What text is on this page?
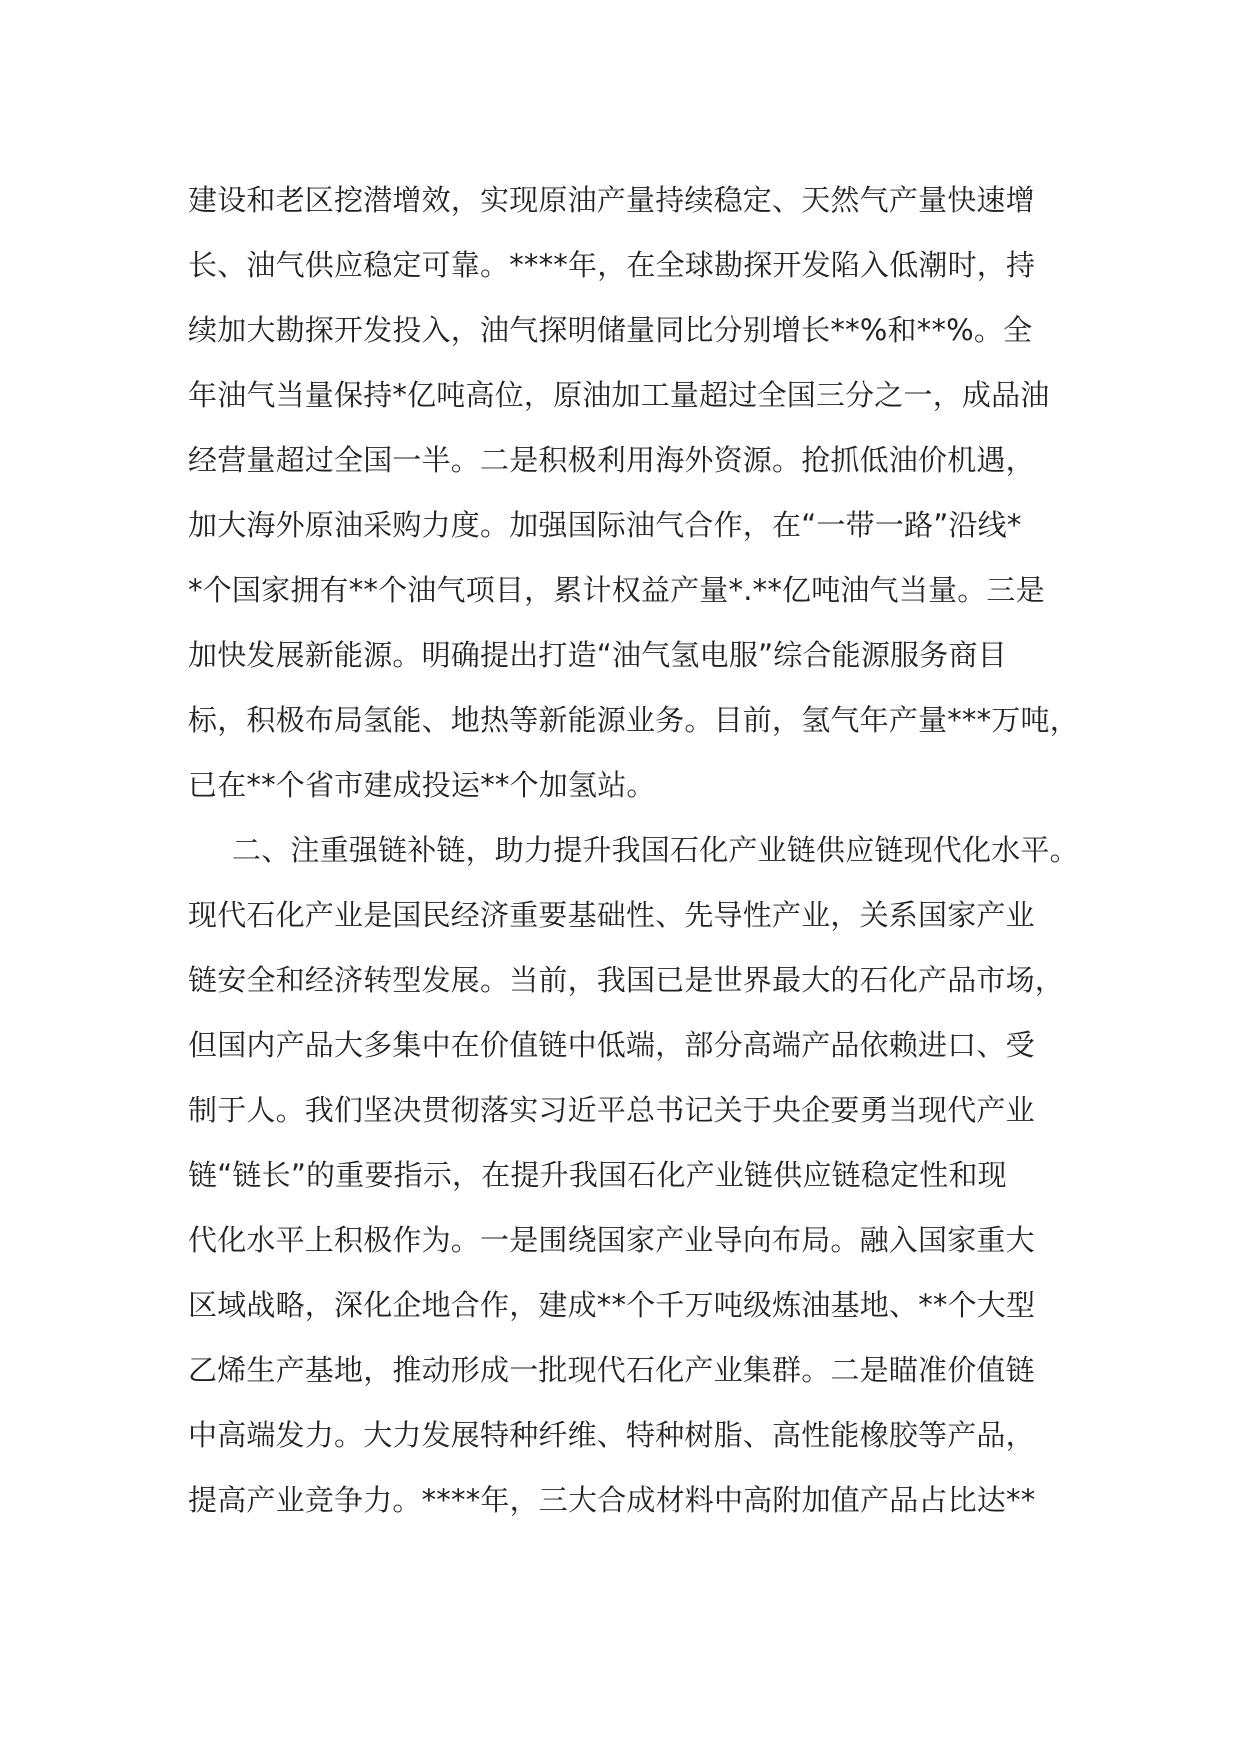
建设和老区挖潜增效，实现原油产量持续稳定、天然气产量快速增
长、油气供应稳定可靠。****年，在全球勘探开发陷入低潮时，持
续加大勘探开发投入，油气探明储量同比分别增长**%和**%。全
年油气当量保持*亿吨高位，原油加工量超过全国三分之一，成品油
经营量超过全国一半。二是积极利用海外资源。抢抓低油价机遇，
加大海外原油采购力度。加强国际油气合作，在“一带一路”沿线*
*个国家拥有**个油气项目，累计权益产量*.**亿吨油气当量。三是
加快发展新能源。明确提出打造“油气氢电服”综合能源服务商目
标，积极布局氢能、地热等新能源业务。目前，氢气年产量***万吨，
已在**个省市建成投运**个加氢站。
二、注重强链补链，助力提升我国石化产业链供应链现代化水平。
现代石化产业是国民经济重要基础性、先导性产业，关系国家产业
链安全和经济转型发展。当前，我国已是世界最大的石化产品市场，
但国内产品大多集中在价值链中低端，部分高端产品依赖进口、受
制于人。我们坚决贯彻落实习近平总书记关于央企要勇当现代产业
链“链长”的重要指示，在提升我国石化产业链供应链稳定性和现
代化水平上积极作为。一是围绕国家产业导向布局。融入国家重大
区域战略，深化企地合作，建成**个千万吨级炼油基地、**个大型
乙烯生产基地，推动形成一批现代石化产业集群。二是瞄准价值链
中高端发力。大力发展特种纤维、特种树脂、高性能橡胶等产品，
提高产业竞争力。****年，三大合成材料中高附加值产品占比达**
